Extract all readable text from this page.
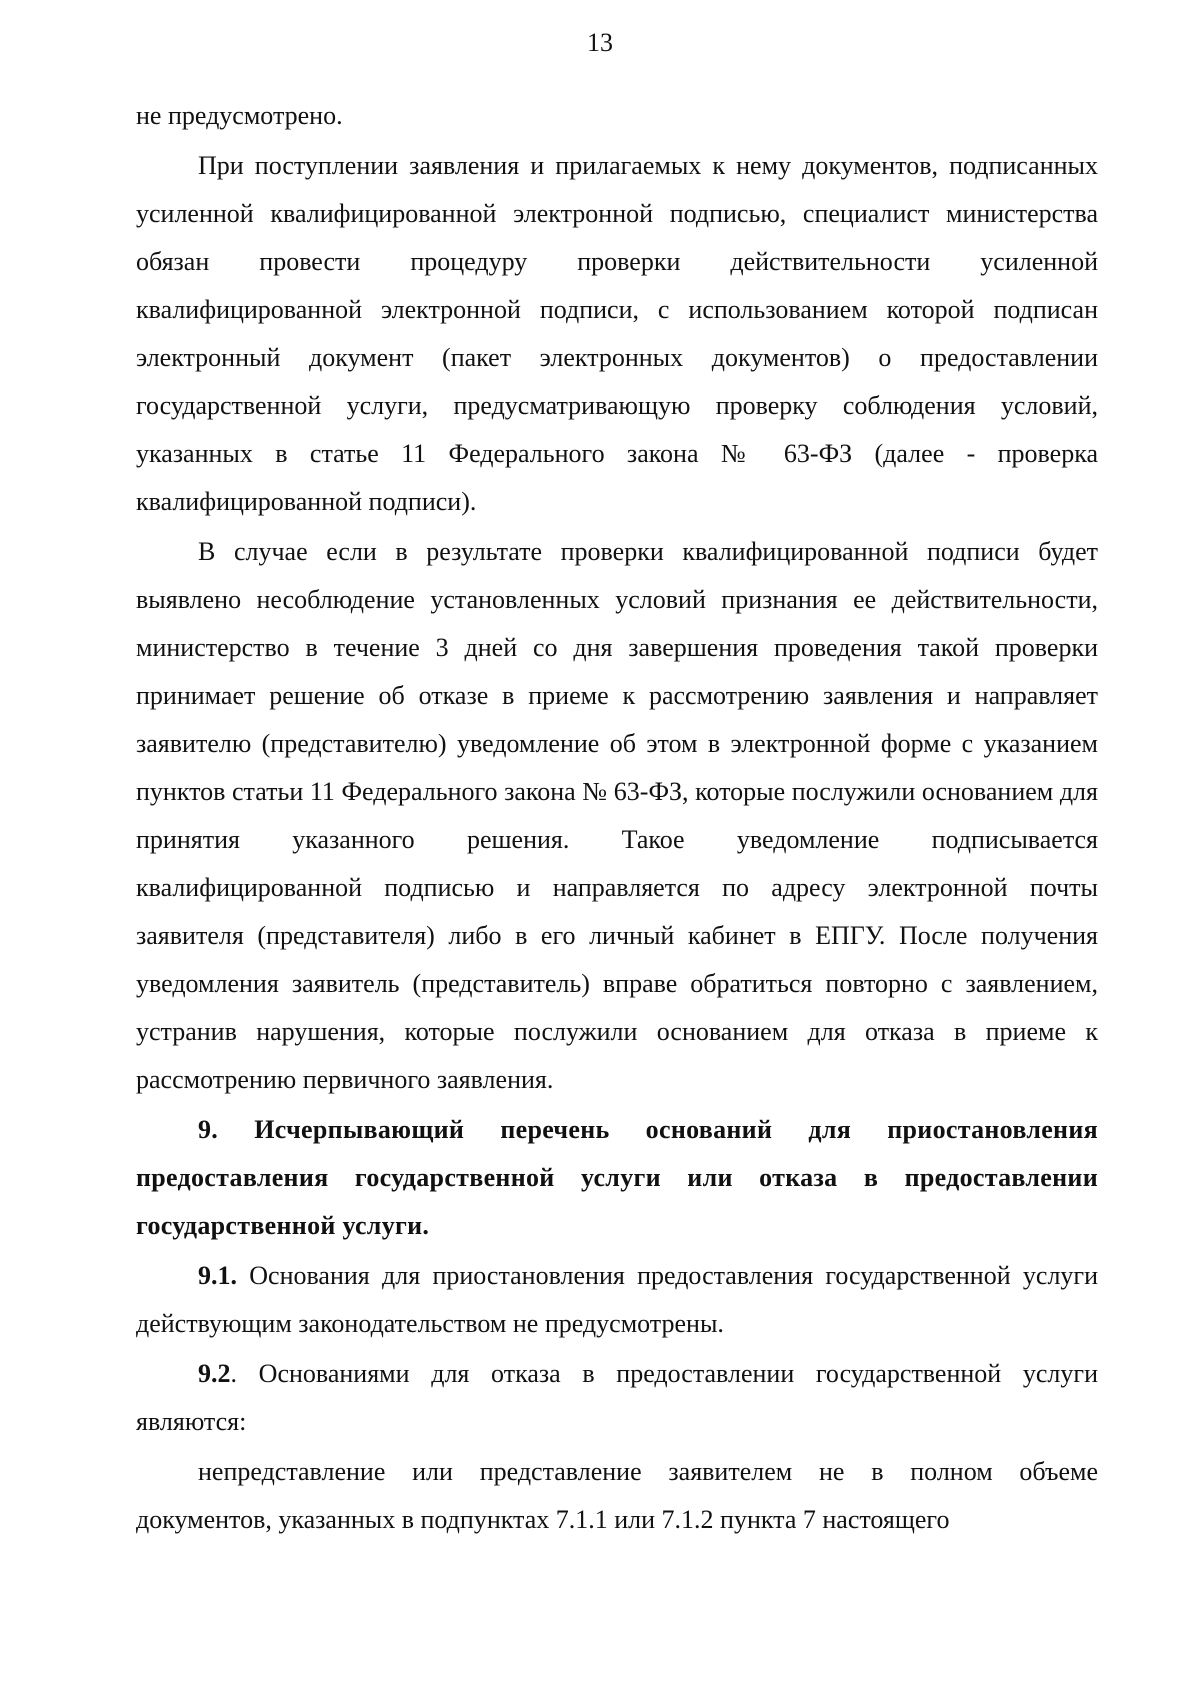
13

не предусмотрено.

При поступлении заявления и прилагаемых к нему документов, подписанных усиленной квалифицированной электронной подписью, специалист министерства обязан провести процедуру проверки действительности усиленной квалифицированной электронной подписи, с использованием которой подписан электронный документ (пакет электронных документов) о предоставлении государственной услуги, предусматривающую проверку соблюдения условий, указанных в статье 11 Федерального закона № 63-ФЗ (далее - проверка квалифицированной подписи).

В случае если в результате проверки квалифицированной подписи будет выявлено несоблюдение установленных условий признания ее действительности, министерство в течение 3 дней со дня завершения проведения такой проверки принимает решение об отказе в приеме к рассмотрению заявления и направляет заявителю (представителю) уведомление об этом в электронной форме с указанием пунктов статьи 11 Федерального закона № 63-ФЗ, которые послужили основанием для принятия указанного решения. Такое уведомление подписывается квалифицированной подписью и направляется по адресу электронной почты заявителя (представителя) либо в его личный кабинет в ЕПГУ. После получения уведомления заявитель (представитель) вправе обратиться повторно с заявлением, устранив нарушения, которые послужили основанием для отказа в приеме к рассмотрению первичного заявления.

9. Исчерпывающий перечень оснований для приостановления предоставления государственной услуги или отказа в предоставлении государственной услуги.

9.1. Основания для приостановления предоставления государственной услуги действующим законодательством не предусмотрены.

9.2. Основаниями для отказа в предоставлении государственной услуги являются:

непредставление или представление заявителем не в полном объеме документов, указанных в подпунктах 7.1.1 или 7.1.2 пункта 7 настоящего
